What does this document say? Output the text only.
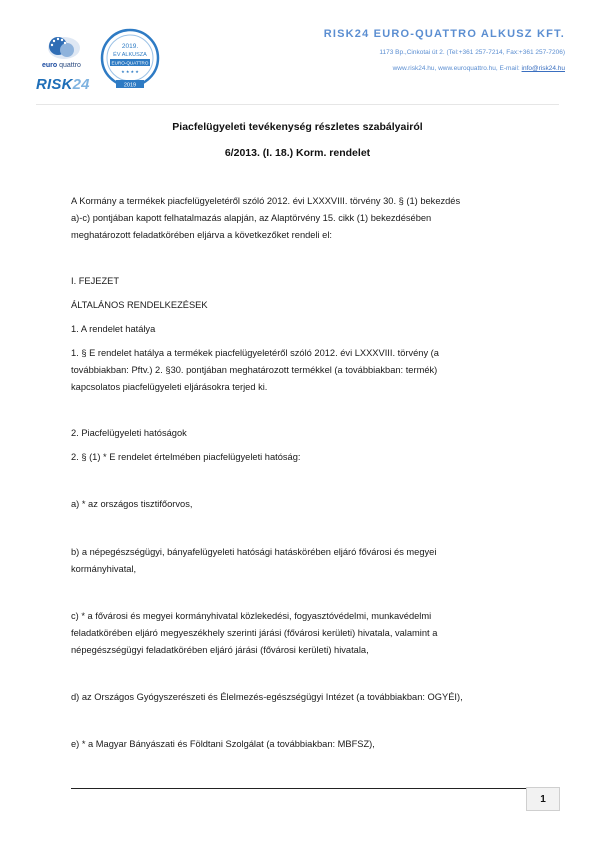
euro quattro
RISK24
2019.
ÉV ALKUSZA
EURO-QUATTRO
★ ★ ★ ★
2019
RISK24 EURO-QUATTRO ALKUSZ KFT.
1173 Bp.,Cinkotai út 2. (Tel:+361 257-7214, Fax:+361 257-7206)
www.risk24.hu, www.euroquattro.hu, E-mail: info@risk24.hu
Piacfelügyeleti tevékenység részletes szabályairól
6/2013. (I. 18.) Korm. rendelet
A Kormány a termékek piacfelügyeletéről szóló 2012. évi LXXXVIII. törvény 30. § (1) bekezdés
a)-c) pontjában kapott felhatalmazás alapján, az Alaptörvény 15. cikk (1) bekezdésében
meghatározott feladatkörében eljárva a következőket rendeli el:
I. FEJEZET
ÁLTALÁNOS RENDELKEZÉSEK
1. A rendelet hatálya
1. § E rendelet hatálya a termékek piacfelügyeletéről szóló 2012. évi LXXXVIII. törvény (a
továbbiakban: Pftv.) 2. §30. pontjában meghatározott termékkel (a továbbiakban: termék)
kapcsolatos piacfelügyeleti eljárásokra terjed ki.
2. Piacfelügyeleti hatóságok
2. § (1) * E rendelet értelmében piacfelügyeleti hatóság:
a) * az országos tisztifőorvos,
b) a népegészségügyi, bányafelügyeleti hatósági hatáskörében eljáró fővárosi és megyei
kormányhivatal,
c) * a fővárosi és megyei kormányhivatal közlekedési, fogyasztóvédelmi, munkavédelmi
feladatkörében eljáró megyeszékhely szerinti járási (fővárosi kerületi) hivatala, valamint a
népegészségügyi feladatkörében eljáró járási (fővárosi kerületi) hivatala,
d) az Országos Gyógyszerészeti és Élelmezés-egészségügyi Intézet (a továbbiakban: OGYÉI),
e) * a Magyar Bányászati és Földtani Szolgálat (a továbbiakban: MBFSZ),
1
